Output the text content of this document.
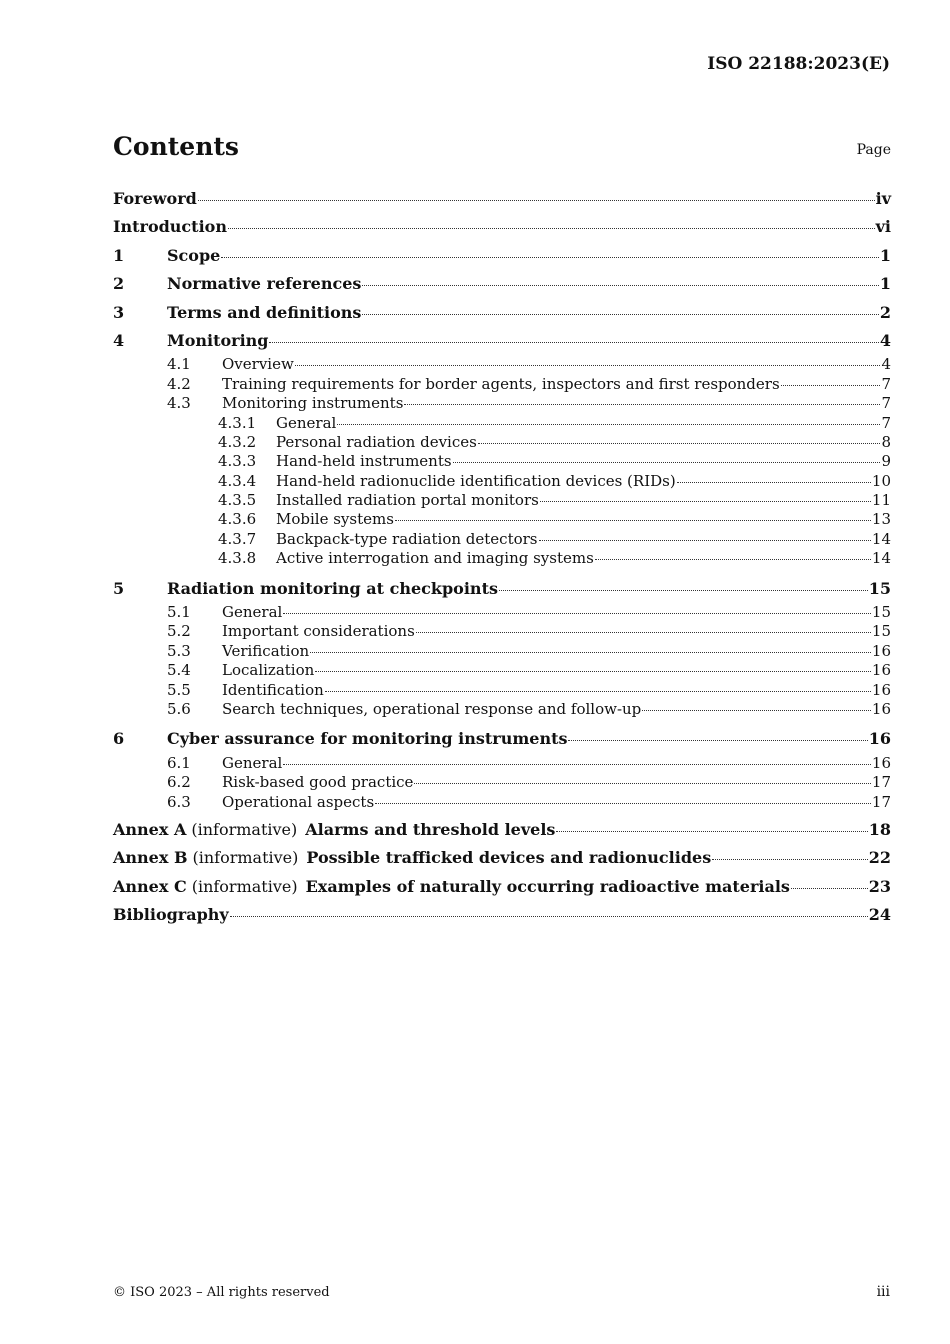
ISO 22188:2023(E)
Contents	Page
Foreword	iv
Introduction	vi
1	Scope	1
2	Normative references	1
3	Terms and definitions	2
4	Monitoring	4
4.1	Overview	4
4.2	Training requirements for border agents, inspectors and first responders	7
4.3	Monitoring instruments	7
4.3.1	General	7
4.3.2	Personal radiation devices	8
4.3.3	Hand-held instruments	9
4.3.4	Hand-held radionuclide identification devices (RIDs)	10
4.3.5	Installed radiation portal monitors	11
4.3.6	Mobile systems	13
4.3.7	Backpack-type radiation detectors	14
4.3.8	Active interrogation and imaging systems	14
5	Radiation monitoring at checkpoints	15
5.1	General	15
5.2	Important considerations	15
5.3	Verification	16
5.4	Localization	16
5.5	Identification	16
5.6	Search techniques, operational response and follow-up	16
6	Cyber assurance for monitoring instruments	16
6.1	General	16
6.2	Risk-based good practice	17
6.3	Operational aspects	17
Annex A (informative) Alarms and threshold levels	18
Annex B (informative) Possible trafficked devices and radionuclides	22
Annex C (informative) Examples of naturally occurring radioactive materials	23
Bibliography	24
© ISO 2023 – All rights reserved	iii
